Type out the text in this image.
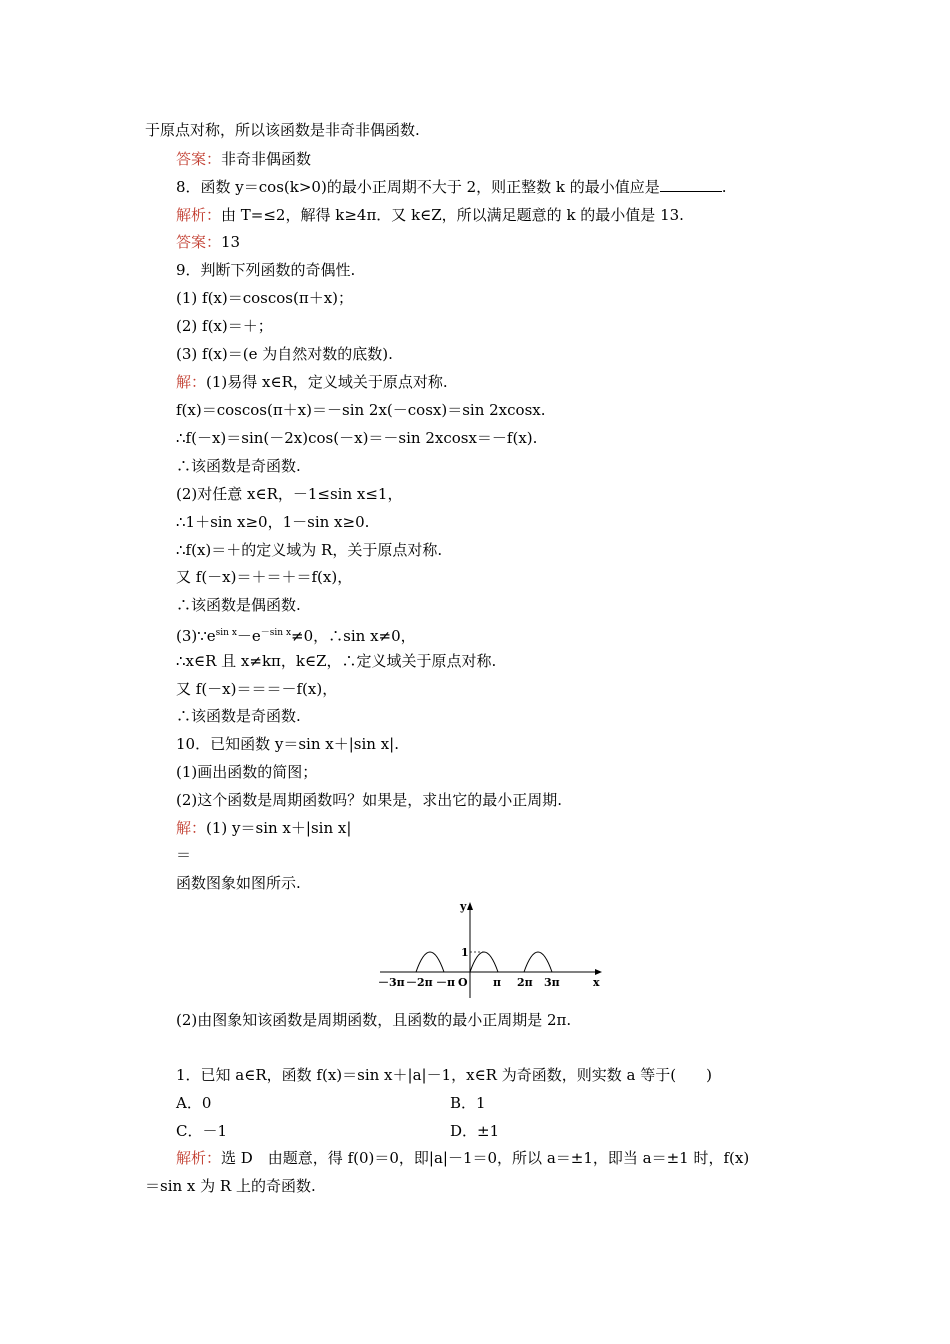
于原点对称，所以该函数是非奇非偶函数.
答案：非奇非偶函数
8．函数 y＝cos(k>0)的最小正周期不大于 2，则正整数 k 的最小值应是	.
解析：由 T=≤2，解得 k≥4π．又 k∈Z，所以满足题意的 k 的最小值是 13.
答案：13
9．判断下列函数的奇偶性.
(1) f(x)＝coscos(π＋x)；
(2) f(x)＝＋；
(3) f(x)＝(e 为自然对数的底数).
解：(1)易得 x∈R，定义域关于原点对称.
f(x)＝coscos(π＋x)＝－sin 2x(－cosx)＝sin 2xcosx.
∴f(－x)＝sin(－2x)cos(－x)＝－sin 2xcosx＝－f(x).
∴该函数是奇函数.
(2)对任意 x∈R，－1≤sin x≤1，
∴1＋sin x≥0，1－sin x≥0.
∴f(x)＝＋的定义域为 R，关于原点对称.
又 f(－x)＝＋＝＋＝f(x)，
∴该函数是偶函数.
$(3)\because e^{sin x}-e^{-sin x}\ne 0$，∴sin x≠0，
∴x∈R 且 x≠kπ，k∈Z，∴定义域关于原点对称.
又 f(－x)＝＝＝－f(x)，
∴该函数是奇函数.
10．已知函数 y＝sin x＋|sin x|.
(1)画出函数的简图；
(2)这个函数是周期函数吗？如果是，求出它的最小正周期.
解：(1) y＝sin x＋|sin x|
＝
函数图象如图所示.
y
x
1
O
－3π －2π －π	π 2π 3π
(2)由图象知该函数是周期函数，且函数的最小正周期是 2π.
1．已知 a∈R，函数 f(x)＝sin x＋|a|－1，x∈R 为奇函数，则实数 a 等于(　　)
A．0	B．1
C．－1	D．±1
解析：选 D　由题意，得 f(0)＝0，即|a|－1＝0，所以 a＝±1，即当 a＝±1 时，f(x)
＝sin x 为 R 上的奇函数.
